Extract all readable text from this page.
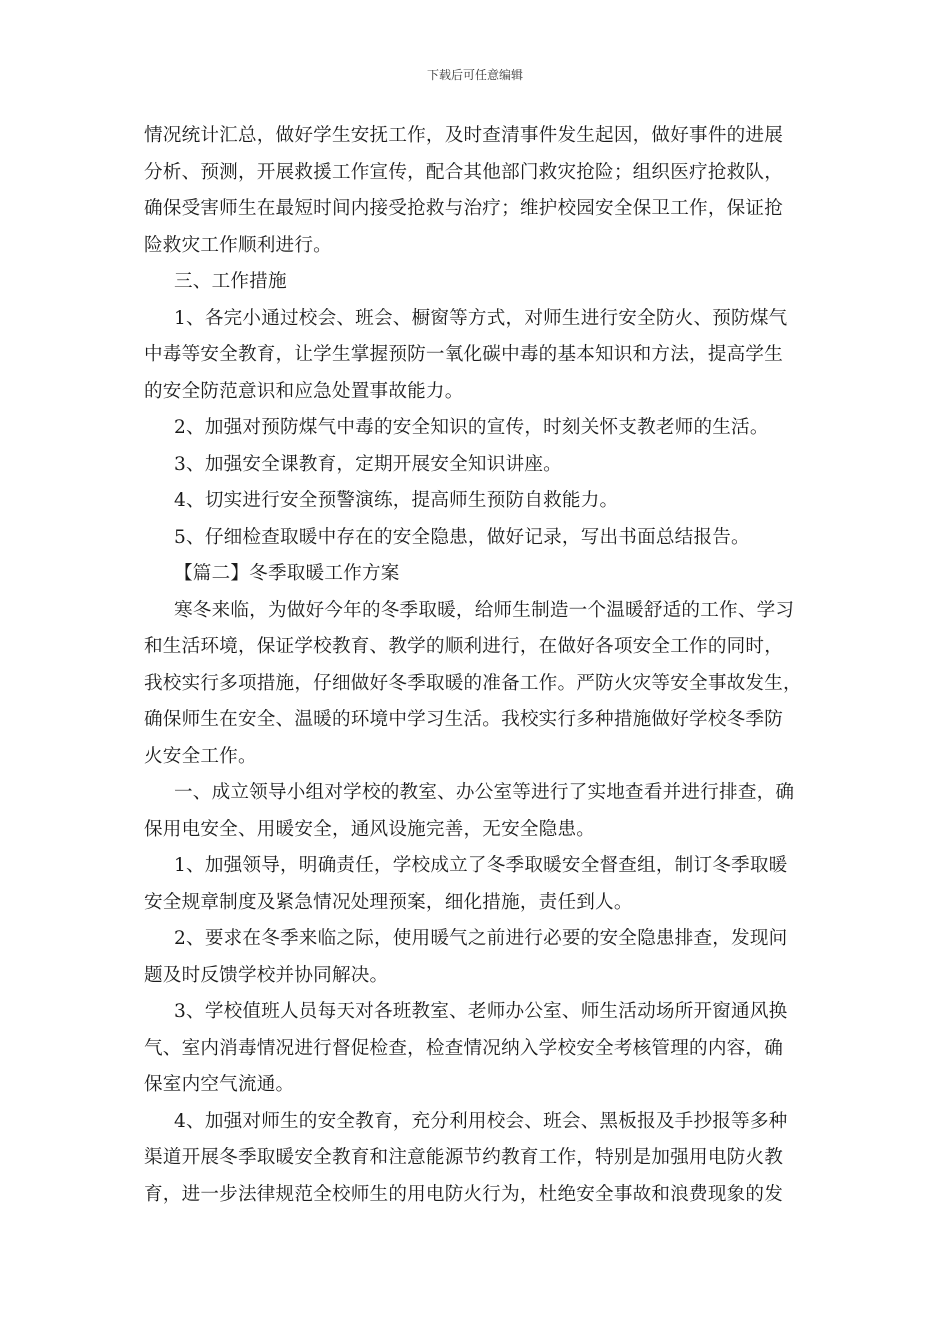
下载后可任意编辑
情况统计汇总，做好学生安抚工作，及时查清事件发生起因，做好事件的进展
分析、预测，开展救援工作宣传，配合其他部门救灾抢险；组织医疗抢救队，
确保受害师生在最短时间内接受抢救与治疗；维护校园安全保卫工作，保证抢
险救灾工作顺利进行。
三、工作措施
1、各完小通过校会、班会、橱窗等方式，对师生进行安全防火、预防煤气
中毒等安全教育，让学生掌握预防一氧化碳中毒的基本知识和方法，提高学生
的安全防范意识和应急处置事故能力。
2、加强对预防煤气中毒的安全知识的宣传，时刻关怀支教老师的生活。
3、加强安全课教育，定期开展安全知识讲座。
4、切实进行安全预警演练，提高师生预防自救能力。
5、仔细检查取暖中存在的安全隐患，做好记录，写出书面总结报告。
【篇二】冬季取暖工作方案
寒冬来临，为做好今年的冬季取暖，给师生制造一个温暖舒适的工作、学习
和生活环境，保证学校教育、教学的顺利进行，在做好各项安全工作的同时，
我校实行多项措施，仔细做好冬季取暖的准备工作。严防火灾等安全事故发生，
确保师生在安全、温暖的环境中学习生活。我校实行多种措施做好学校冬季防
火安全工作。
一、成立领导小组对学校的教室、办公室等进行了实地查看并进行排查，确
保用电安全、用暖安全，通风设施完善，无安全隐患。
1、加强领导，明确责任，学校成立了冬季取暖安全督查组，制订冬季取暖
安全规章制度及紧急情况处理预案，细化措施，责任到人。
2、要求在冬季来临之际，使用暖气之前进行必要的安全隐患排查，发现问
题及时反馈学校并协同解决。
3、学校值班人员每天对各班教室、老师办公室、师生活动场所开窗通风换
气、室内消毒情况进行督促检查，检查情况纳入学校安全考核管理的内容，确
保室内空气流通。
4、加强对师生的安全教育，充分利用校会、班会、黑板报及手抄报等多种
渠道开展冬季取暖安全教育和注意能源节约教育工作，特别是加强用电防火教
育，进一步法律规范全校师生的用电防火行为，杜绝安全事故和浪费现象的发
